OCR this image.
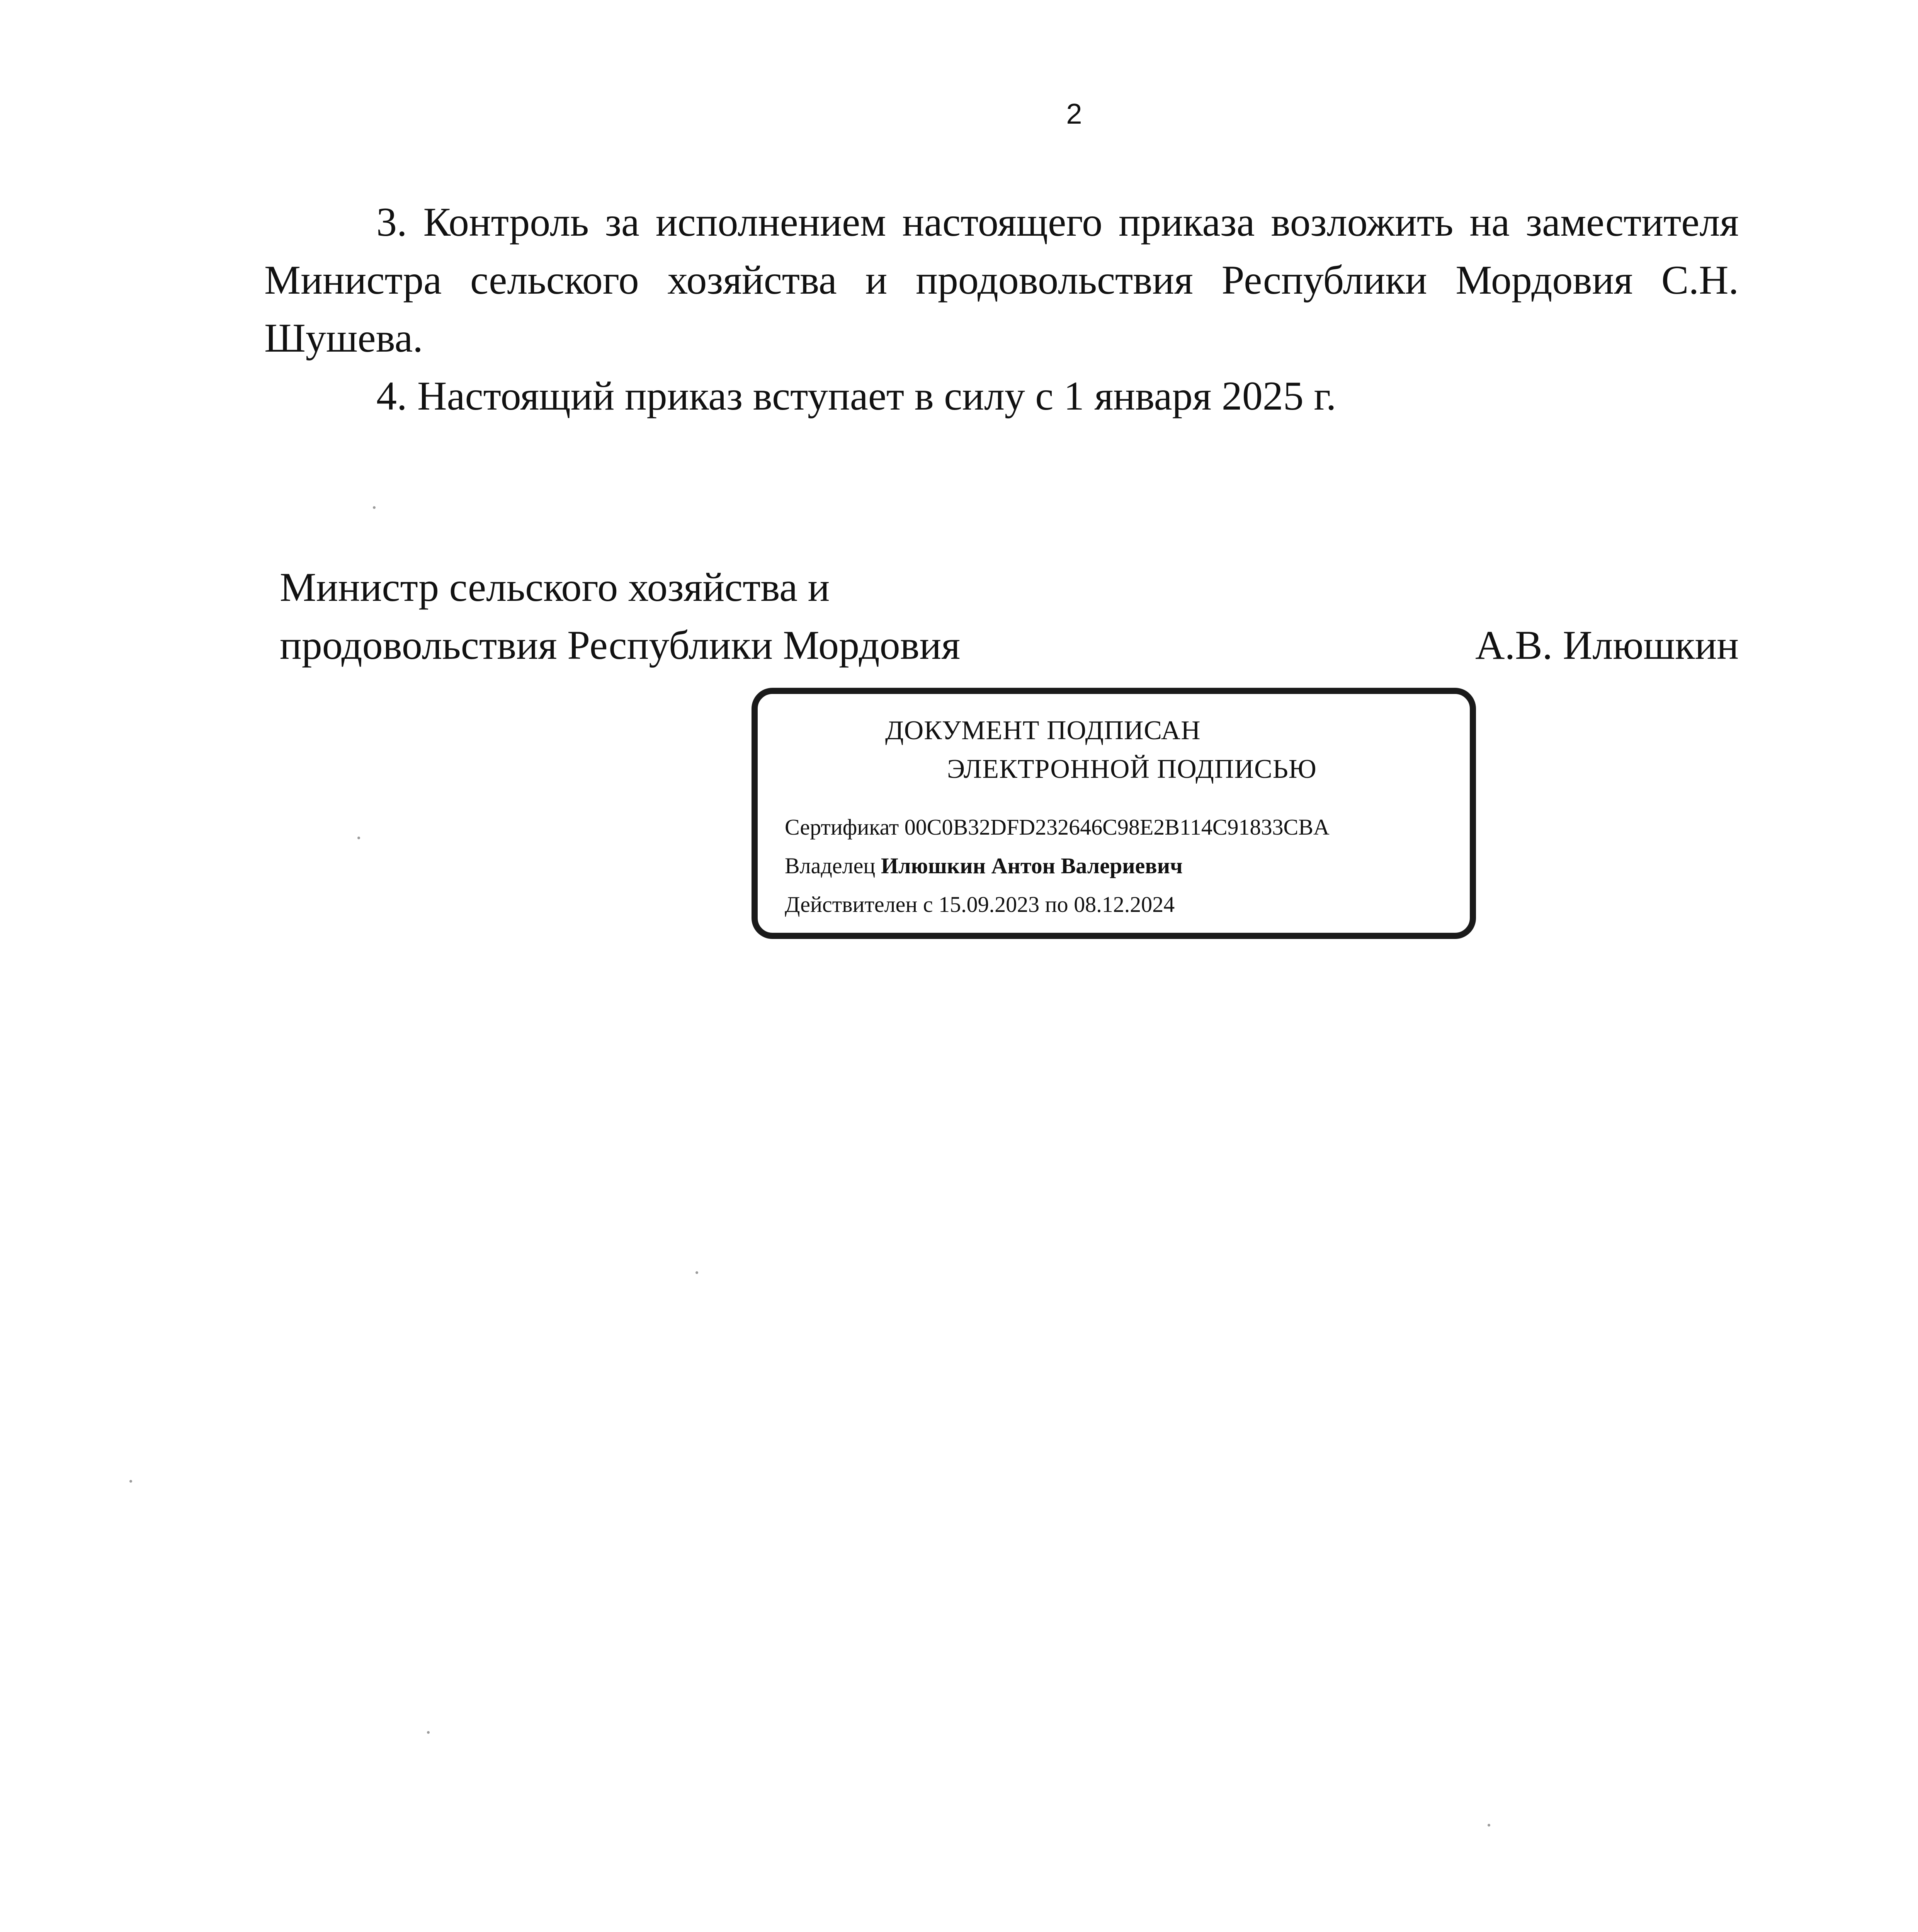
2
3. Контроль за исполнением настоящего приказа возложить на заместителя Министра сельского хозяйства и продовольствия Республики Мордовия С.Н. Шушева.
4. Настоящий приказ вступает в силу с 1 января 2025 г.
Министр сельского хозяйства и
продовольствия Республики Мордовия	А.В. Илюшкин
ДОКУМЕНТ ПОДПИСАН
ЭЛЕКТРОННОЙ ПОДПИСЬЮ
Сертификат 00C0B32DFD232646C98E2B114C91833CBA
Владелец Илюшкин Антон Валериевич
Действителен с 15.09.2023 по 08.12.2024
